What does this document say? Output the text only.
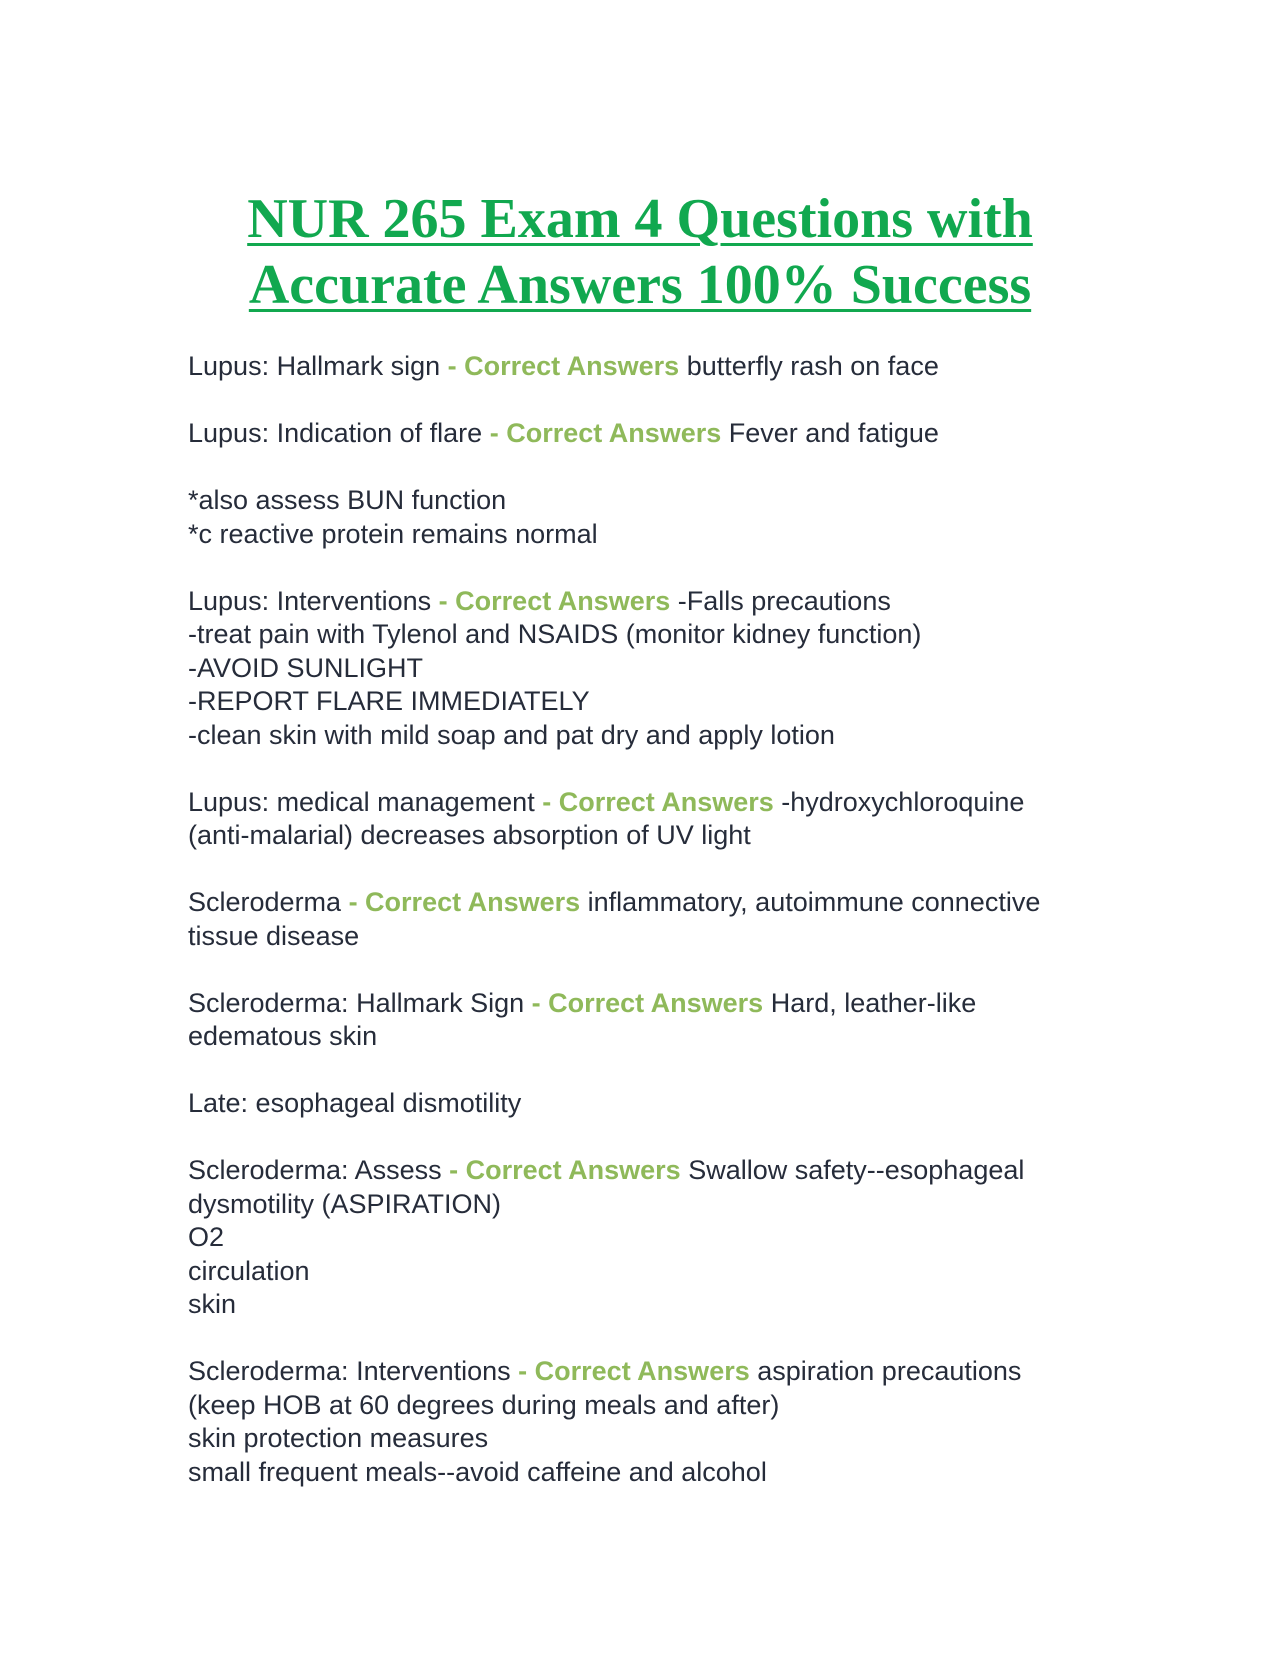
NUR 265 Exam 4 Questions with
Accurate Answers 100% Success
Lupus: Hallmark sign - Correct Answers butterfly rash on face
Lupus: Indication of flare - Correct Answers Fever and fatigue
*also assess BUN function
*c reactive protein remains normal
Lupus: Interventions - Correct Answers -Falls precautions
-treat pain with Tylenol and NSAIDS (monitor kidney function)
-AVOID SUNLIGHT
-REPORT FLARE IMMEDIATELY
-clean skin with mild soap and pat dry and apply lotion
Lupus: medical management - Correct Answers -hydroxychloroquine
(anti-malarial) decreases absorption of UV light
Scleroderma - Correct Answers inflammatory, autoimmune connective
tissue disease
Scleroderma: Hallmark Sign - Correct Answers Hard, leather-like
edematous skin
Late: esophageal dismotility
Scleroderma: Assess - Correct Answers Swallow safety--esophageal
dysmotility (ASPIRATION)
O2
circulation
skin
Scleroderma: Interventions - Correct Answers aspiration precautions
(keep HOB at 60 degrees during meals and after)
skin protection measures
small frequent meals--avoid caffeine and alcohol
